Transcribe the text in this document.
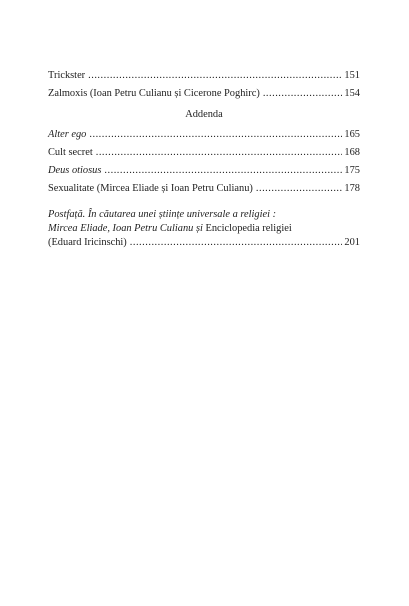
Trickster .....	151
Zalmoxis (Ioan Petru Culianu și Cicerone Poghirc) .....	154
Addenda
Alter ego .....	165
Cult secret .....	168
Deus otiosus .....	175
Sexualitate (Mircea Eliade și Ioan Petru Culianu) .....	178
Postfață. În căutarea unei științe universale a religiei :
Mircea Eliade, Ioan Petru Culianu și Enciclopedia religiei
(Eduard Iricinschi) .....	201
